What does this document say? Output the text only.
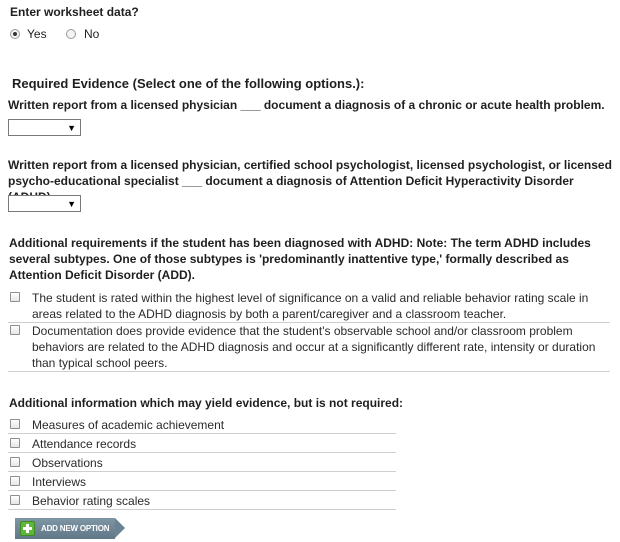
Enter worksheet data?
Yes	No
Required Evidence (Select one of the following options.):
Written report from a licensed physician ___ document a diagnosis of a chronic or acute health problem.
▼
Written report from a licensed physician, certified school psychologist, licensed psychologist, or licensed
psycho-educational specialist ___ document a diagnosis of Attention Deficit Hyperactivity Disorder
▼
Additional requirements if the student has been diagnosed with ADHD: Note: The term ADHD includes
several subtypes. One of those subtypes is 'predominantly inattentive type,' formally described as
Attention Deficit Disorder (ADD).
The student is rated within the highest level of significance on a valid and reliable behavior rating scale in
areas related to the ADHD diagnosis by both a parent/caregiver and a classroom teacher.
Documentation does provide evidence that the student's observable school and/or classroom problem
behaviors are related to the ADHD diagnosis and occur at a significantly different rate, intensity or duration
than typical school peers.
Additional information which may yield evidence, but is not required:
Measures of academic achievement
Attendance records
Observations
Interviews
Behavior rating scales
ADD NEW OPTION
